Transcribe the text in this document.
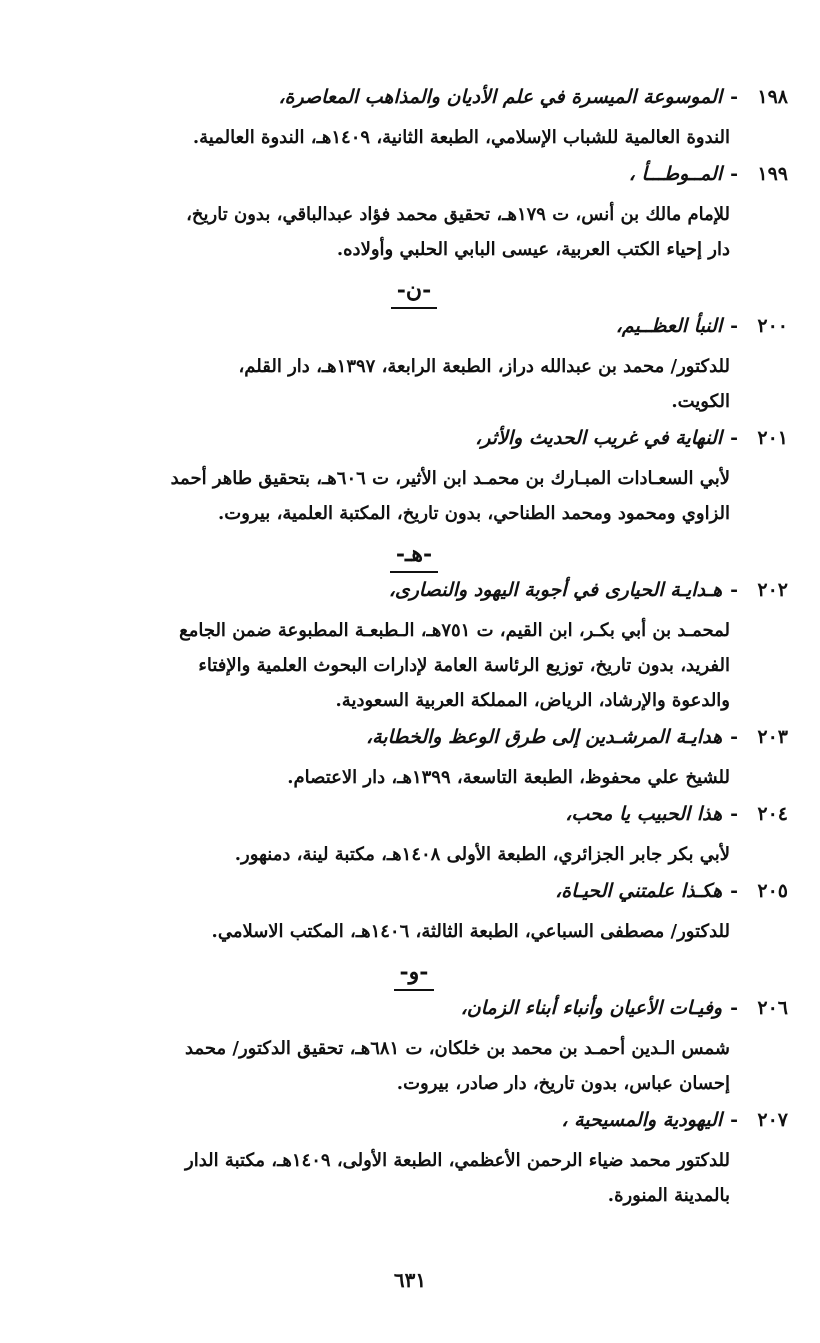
١٩٨
-
الموسوعة الميسرة في علم الأديان والمذاهب المعاصرة،
الندوة العالمية للشباب الإسلامي، الطبعة الثانية، ١٤٠٩هـ، الندوة العالمية.
١٩٩
-
المــوطـــأ ،
للإمام مالك بن أنس، ت ١٧٩هـ، تحقيق محمد فؤاد عبدالباقي، بدون تاريخ،
دار إحياء الكتب العربية، عيسى البابي الحلبي وأولاده.
-ن-
٢٠٠
-
النبأ العظــيم،
للدكتور/ محمد بن عبدالله دراز، الطبعة الرابعة، ١٣٩٧هـ، دار القلم،
الكويت.
٢٠١
-
النهاية في غريب الحديث والأثر،
لأبي السعـادات المبـارك بن محمـد ابن الأثير، ت ٦٠٦هـ، بتحقيق طاهر أحمد
الزاوي ومحمود ومحمد الطناحي، بدون تاريخ، المكتبة العلمية، بيروت.
-هـ-
٢٠٢
-
هـدايـة الحيارى في أجوبة اليهود والنصارى،
لمحمـد بن أبي بكـر، ابن القيم، ت ٧٥١هـ، الـطبعـة المطبوعة ضمن الجامع
الفريد، بدون تاريخ، توزيع الرئاسة العامة لإدارات البحوث العلمية والإفتاء
والدعوة والإرشاد، الرياض، المملكة العربية السعودية.
٢٠٣
-
هدايـة المرشـدين إلى طرق الوعظ والخطابة،
للشيخ علي محفوظ، الطبعة التاسعة، ١٣٩٩هـ، دار الاعتصام.
٢٠٤
-
هذا الحبيب يا محب،
لأبي بكر جابر الجزائري، الطبعة الأولى ١٤٠٨هـ، مكتبة لينة، دمنهور.
٢٠٥
-
هكـذا علمتني الحيـاة،
للدكتور/ مصطفى السباعي، الطبعة الثالثة، ١٤٠٦هـ، المكتب الاسلامي.
-و-
٢٠٦
-
وفيـات الأعيان وأنباء أبناء الزمان،
شمس الـدين أحمـد بن محمد بن خلكان، ت ٦٨١هـ، تحقيق الدكتور/ محمد
إحسان عباس، بدون تاريخ، دار صادر، بيروت.
٢٠٧
-
اليهودية والمسيحية ،
للدكتور محمد ضياء الرحمن الأعظمي، الطبعة الأولى، ١٤٠٩هـ، مكتبة الدار
بالمدينة المنورة.
٦٣١
